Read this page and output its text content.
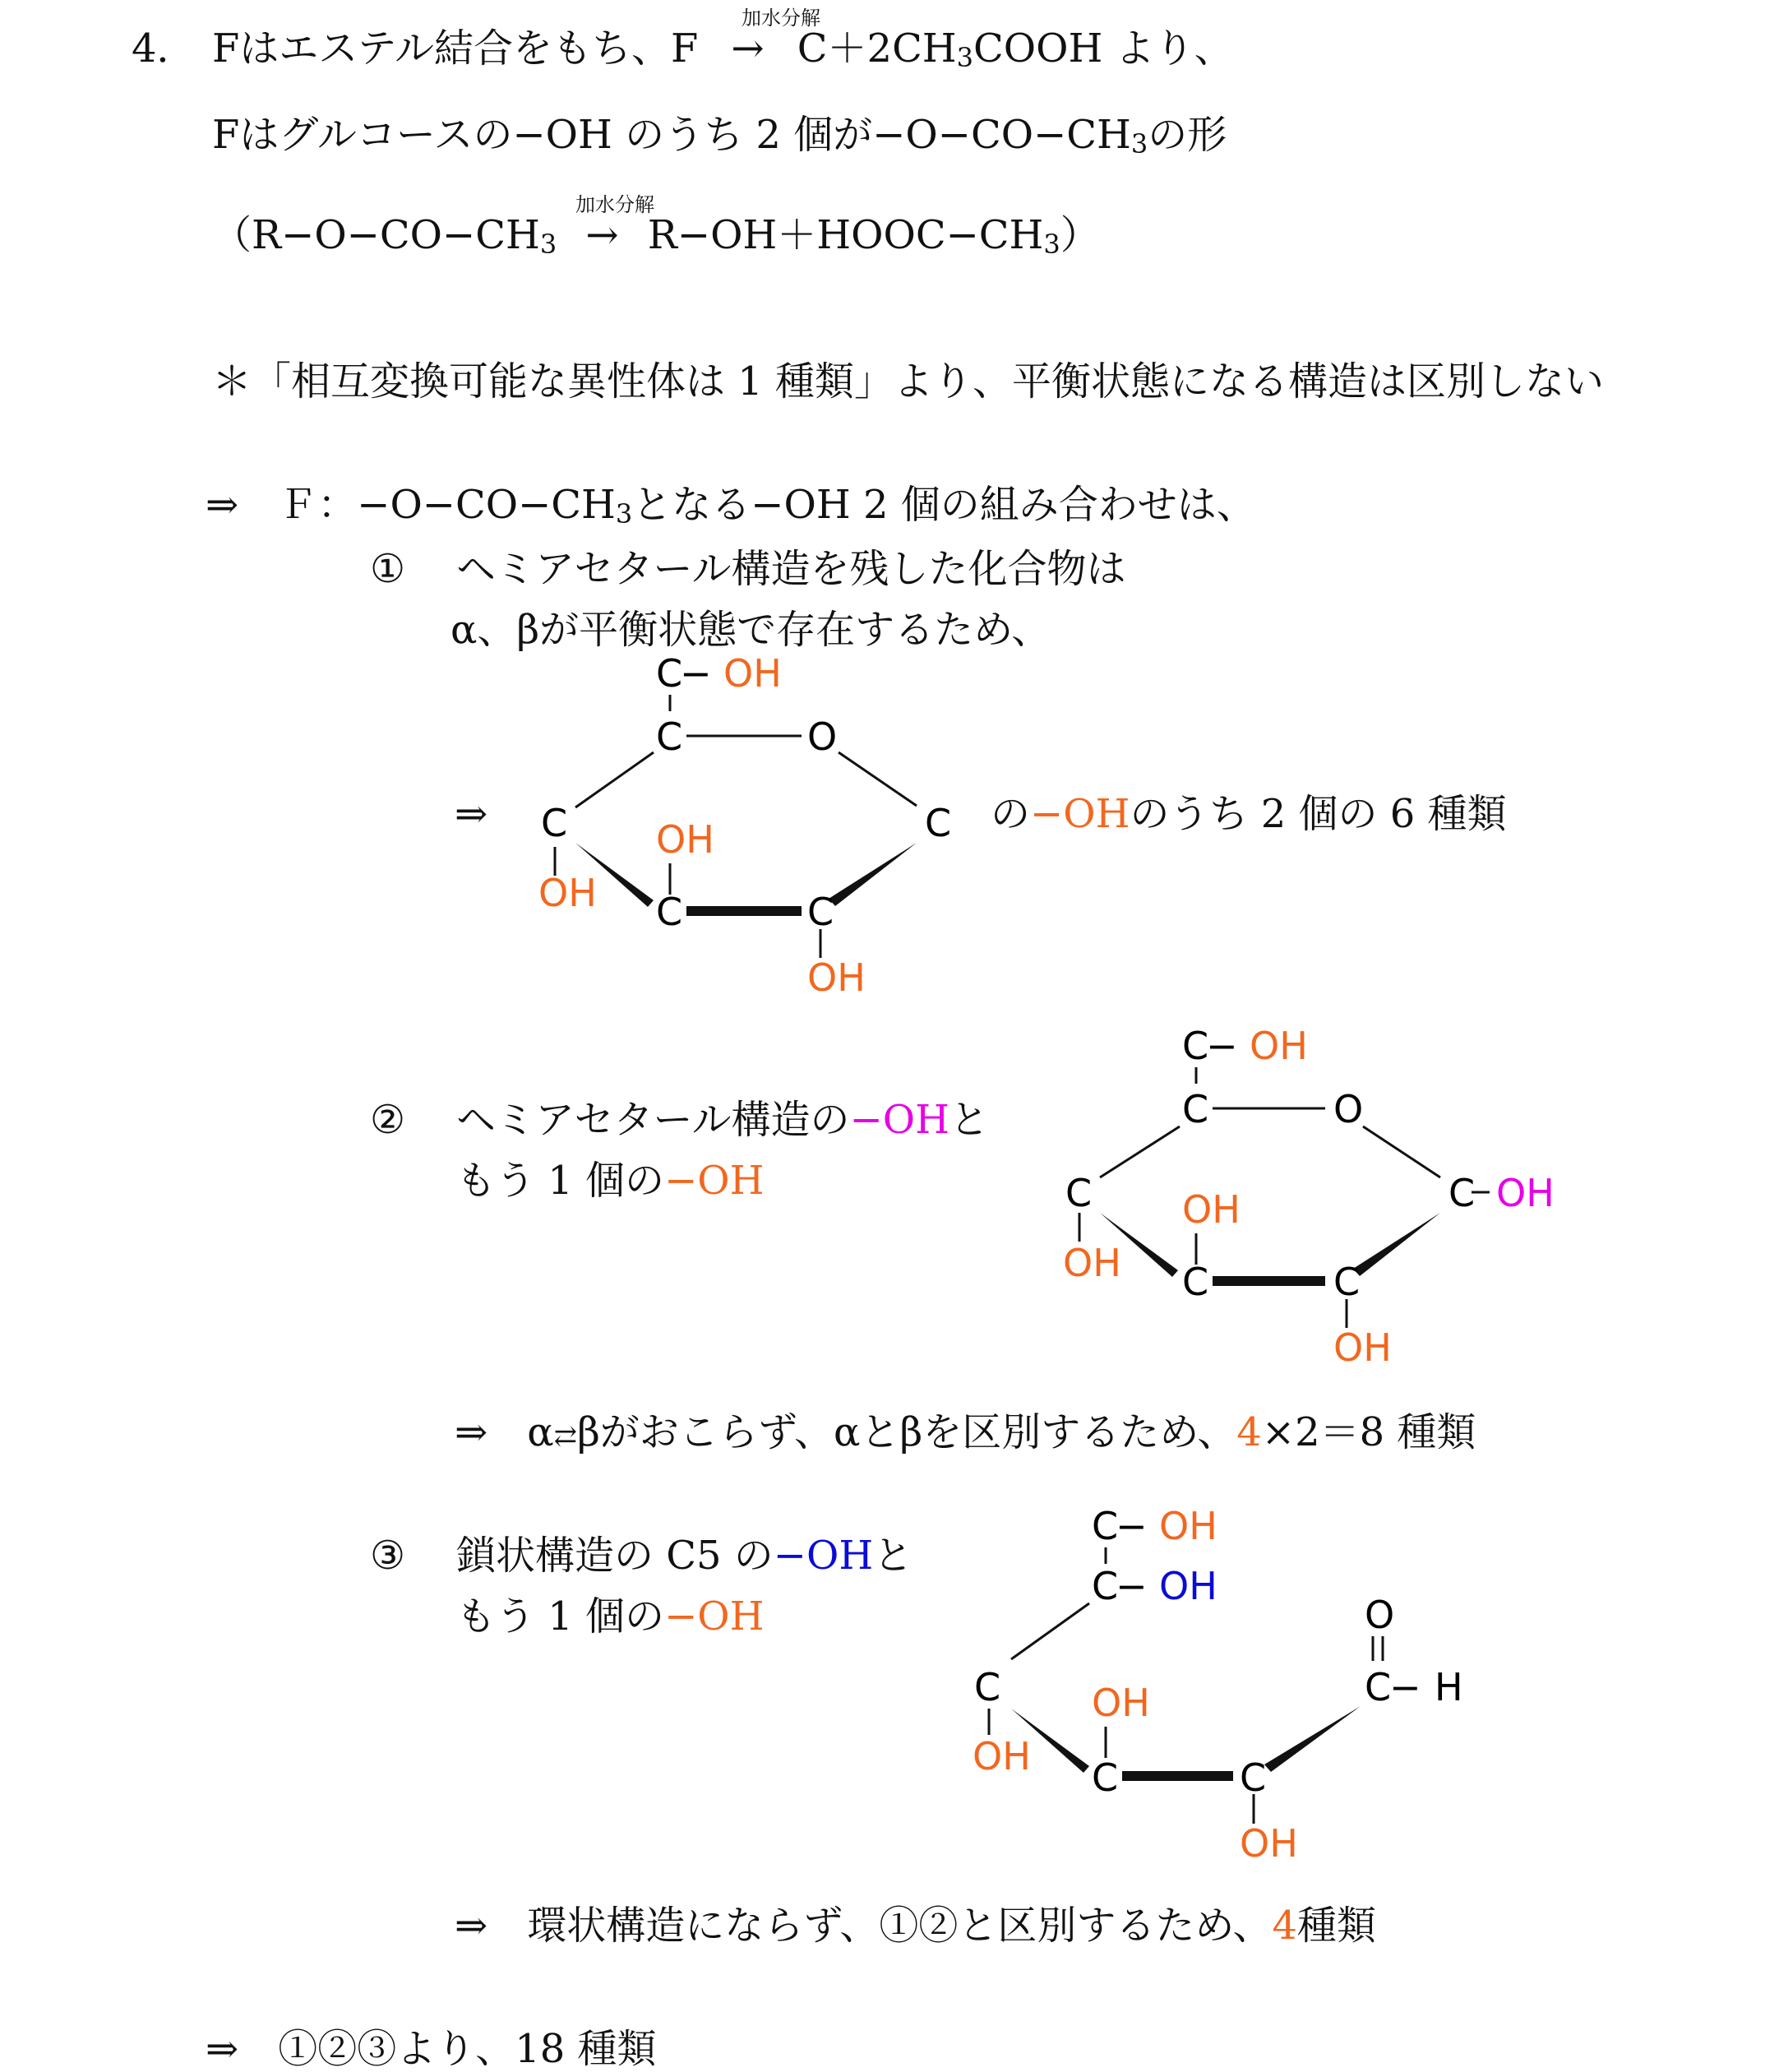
4． Fはエステル結合をもち、$F \to C+2CH_3COOH$ より、
加水分解
Fはグルコースの−OH のうち 2 個が$-O-CO-CH_3$の形
（$R-O-CO-CH_3$ → $R-OH+HOOC-CH_3$）
加水分解
＊「相互変換可能な異性体は 1 種類」より、平衡状態になる構造は区別しない
⇒　Ｆ：$-O-CO-CH_3$となる−OH 2 個の組み合わせは、
① ヘミアセタール構造を残した化合物は
α、βが平衡状態で存在するため、
⇒	の−OHのうち 2 個の 6 種類
② ヘミアセタール構造の−OHと
もう 1 個の−OH
⇒　α⇄βがおこらず、αとβを区別するため、4×2＝8 種類
③ 鎖状構造の C5 の−OHと
もう 1 個の−OH
⇒　環状構造にならず、①②と区別するため、4種類
⇒　①②③より、18 種類
C
− OH
C	O
C	C
OH
OH
C	C
OH
C
− OH
C	O
C	C OH
OH
OH
C	C
OH
C
− OH
C
− OH
O
C
− H
C
OH
OH
C	C
OH
